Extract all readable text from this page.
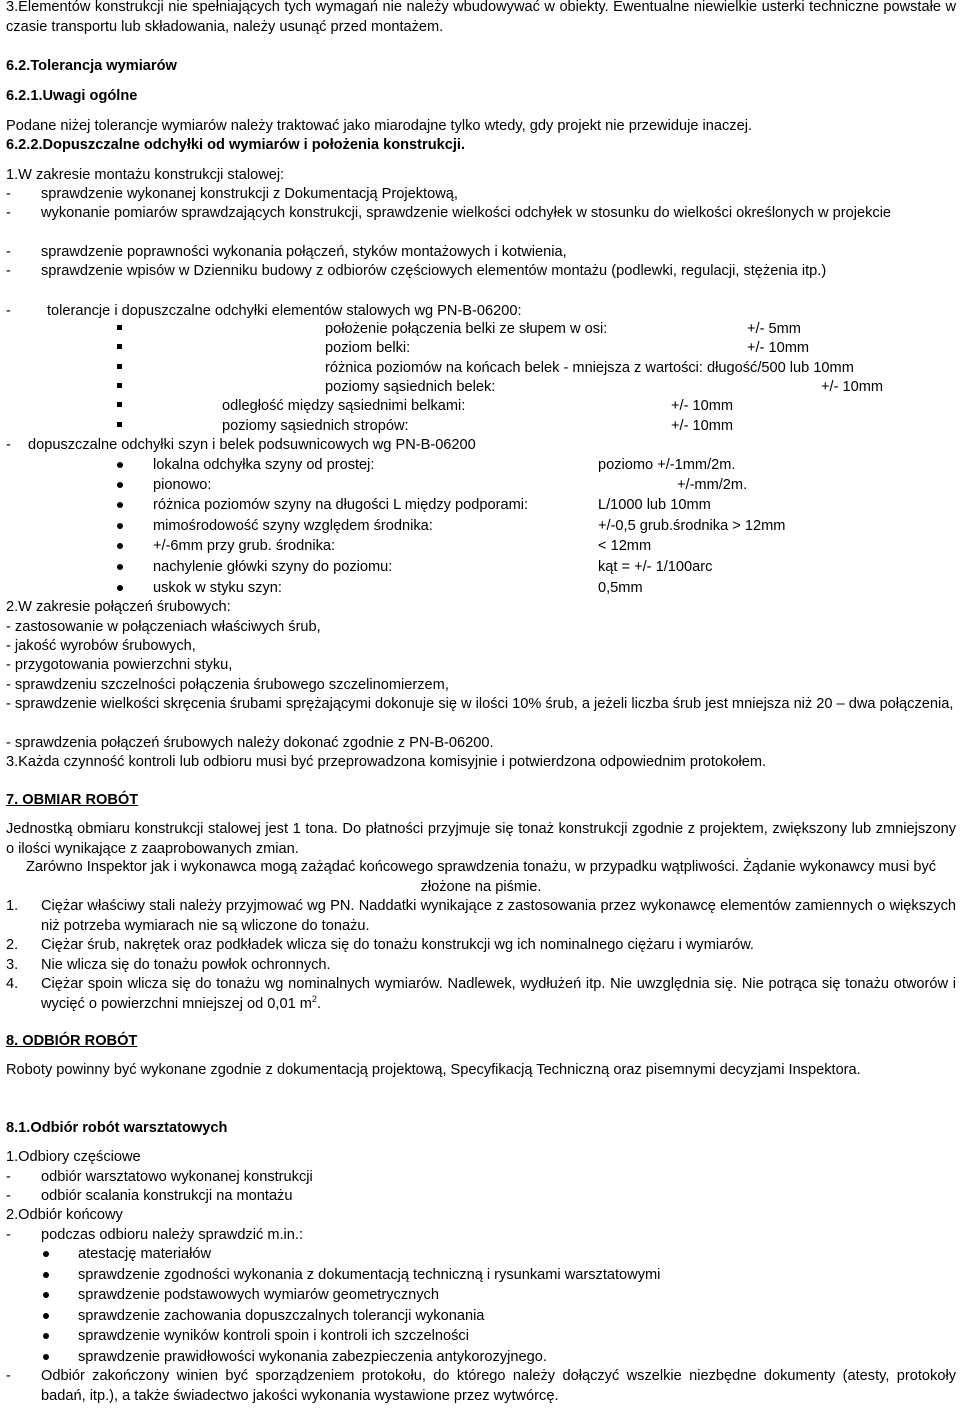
3.Elementów konstrukcji nie spełniających tych wymagań nie należy wbudowywać w obiekty. Ewentualne niewielkie usterki techniczne powstałe w czasie transportu lub składowania, należy usunąć przed montażem.
6.2.Tolerancja wymiarów
6.2.1.Uwagi ogólne
Podane niżej tolerancje wymiarów należy traktować jako miarodajne tylko wtedy, gdy projekt nie przewiduje inaczej.
6.2.2.Dopuszczalne odchyłki od wymiarów i położenia konstrukcji.
1.W zakresie montażu konstrukcji stalowej:
- sprawdzenie wykonanej konstrukcji z Dokumentacją Projektową,
- wykonanie pomiarów sprawdzających konstrukcji, sprawdzenie wielkości odchyłek w stosunku do wielkości określonych w projekcie
- sprawdzenie poprawności wykonania połączeń, styków montażowych i kotwienia,
- sprawdzenie wpisów w Dzienniku budowy z odbiorów częściowych elementów montażu (podlewki, regulacji, stężenia itp.)
- tolerancje i dopuszczalne odchyłki elementów stalowych wg PN-B-06200:
położenie połączenia belki ze słupem w osi:	+/- 5mm
poziom belki:	+/- 10mm
różnica poziomów na końcach belek - mniejsza z wartości: długość/500 lub 10mm
poziomy sąsiednich belek:	+/- 10mm
odległość między sąsiednimi belkami:	+/- 10mm
poziomy sąsiednich stropów:	+/- 10mm
- dopuszczalne odchyłki szyn i belek podsuwnicowych wg PN-B-06200
lokalna odchyłka szyny od prostej:	poziomo +/-1mm/2m.
pionowo:	+/-mm/2m.
różnica poziomów szyny na długości L między podporami:	L/1000 lub 10mm
mimośrodowość szyny względem środnika:	+/-0,5 grub.środnika > 12mm
+/-6mm przy grub. środnika:	< 12mm
nachylenie główki szyny do poziomu:	kąt = +/- 1/100arc
uskok w styku szyn:	0,5mm
2.W zakresie połączeń śrubowych:
- zastosowanie w połączeniach właściwych śrub,
- jakość wyrobów śrubowych,
- przygotowania powierzchni styku,
- sprawdzeniu szczelności połączenia śrubowego szczelinomierzem,
- sprawdzenie wielkości skręcenia śrubami sprężającymi dokonuje się w ilości 10% śrub, a jeżeli liczba śrub jest mniejsza niż 20 – dwa połączenia,
- sprawdzenia połączeń śrubowych należy dokonać zgodnie z PN-B-06200.
3.Każda czynność kontroli lub odbioru musi być przeprowadzona komisyjnie i potwierdzona odpowiednim protokołem.
7. OBMIAR ROBÓT
Jednostką obmiaru konstrukcji stalowej jest 1 tona. Do płatności przyjmuje się tonaż konstrukcji zgodnie z projektem, zwiększony lub zmniejszony o ilości wynikające z zaaprobowanych zmian.
Zarówno Inspektor jak i wykonawca mogą zażądać końcowego sprawdzenia tonażu, w przypadku wątpliwości. Żądanie wykonawcy musi być złożone na piśmie.
1. Ciężar właściwy stali należy przyjmować wg PN. Naddatki wynikające z zastosowania przez wykonawcę elementów zamiennych o większych niż potrzeba wymiarach nie są wliczone do tonażu.
2. Ciężar śrub, nakrętek oraz podkładek wlicza się do tonażu konstrukcji wg ich nominalnego ciężaru i wymiarów.
3. Nie wlicza się do tonażu powłok ochronnych.
4. Ciężar spoin wlicza się do tonażu wg nominalnych wymiarów. Nadlewek, wydłużeń itp. Nie uwzględnia się. Nie potrąca się tonażu otworów i wycięć o powierzchni mniejszej od 0,01 $m^2$.
8. ODBIÓR ROBÓT
Roboty powinny być wykonane zgodnie z dokumentacją projektową, Specyfikacją Techniczną oraz pisemnymi decyzjami Inspektora.
8.1.Odbiór robót warsztatowych
1.Odbiory częściowe
- odbiór warsztatowo wykonanej konstrukcji
- odbiór scalania konstrukcji na montażu
2.Odbiór końcowy
- podczas odbioru należy sprawdzić m.in.:
atestację materiałów
sprawdzenie zgodności wykonania z dokumentacją techniczną i rysunkami warsztatowymi
sprawdzenie podstawowych wymiarów geometrycznych
sprawdzenie zachowania dopuszczalnych tolerancji wykonania
sprawdzenie wyników kontroli spoin i kontroli ich szczelności
sprawdzenie prawidłowości wykonania zabezpieczenia antykorozyjnego.
- Odbiór zakończony winien być sporządzeniem protokołu, do którego należy dołączyć wszelkie niezbędne dokumenty (atesty, protokoły badań, itp.), a także świadectwo jakości wykonania wystawione przez wytwórcę.
